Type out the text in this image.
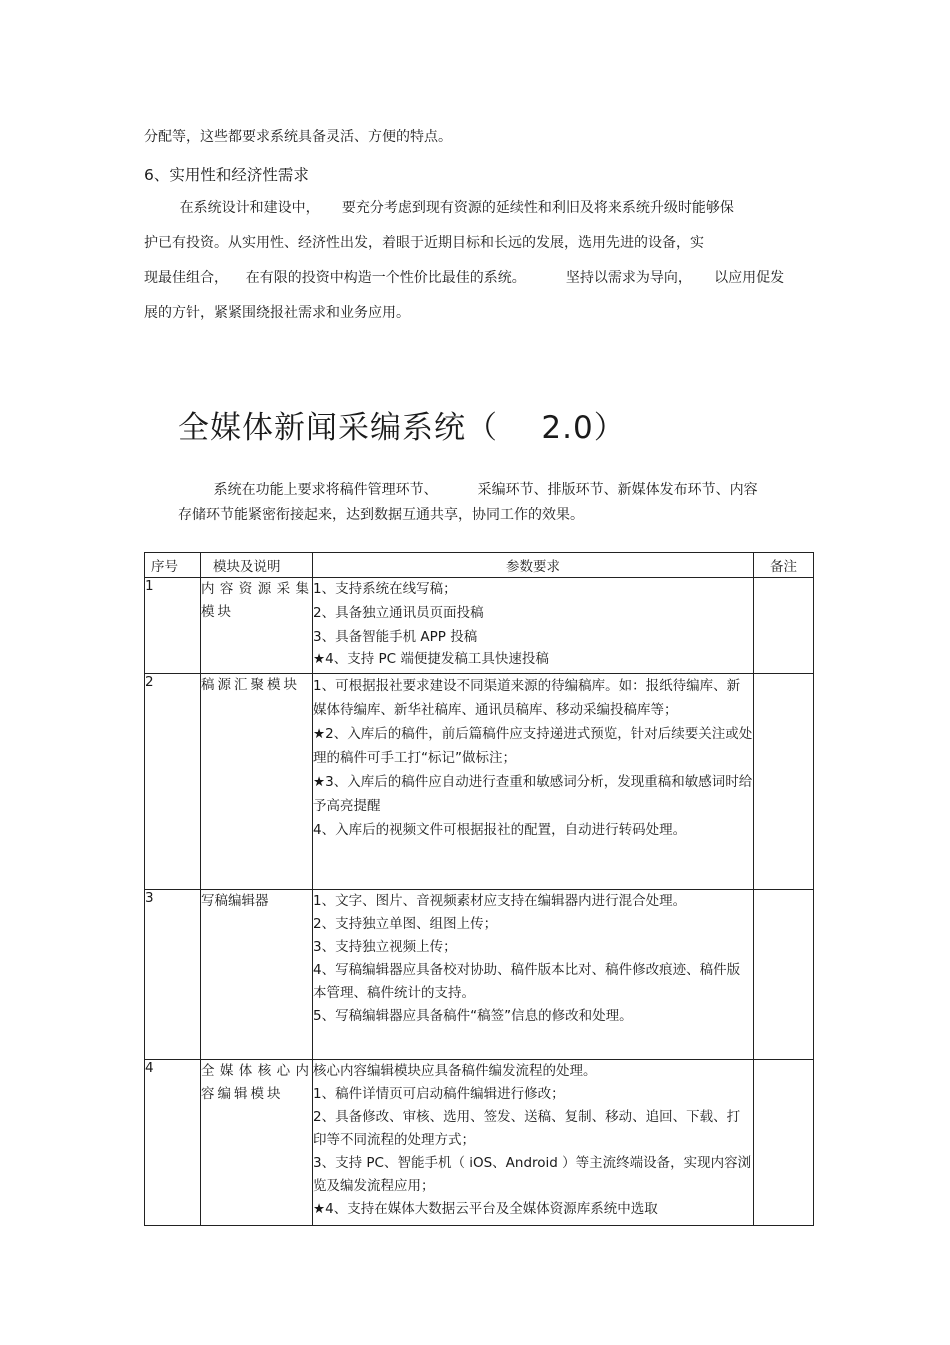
分配等，这些都要求系统具备灵活、方便的特点。

6、实用性和经济性需求

在系统设计和建设中，     要充分考虑到现有资源的延续性和利旧及将来系统升级时能够保

护已有投资。从实用性、经济性出发，着眼于近期目标和长远的发展，选用先进的设备，实

现最佳组合，    在有限的投资中构造一个性价比最佳的系统。         坚持以需求为导向，     以应用促发

展的方针，紧紧围绕报社需求和业务应用。

全媒体新闻采编系统（    2.0）

系统在功能上要求将稿件管理环节、         采编环节、排版环节、新媒体发布环节、内容

存储环节能紧密衔接起来，达到数据互通共享，协同工作的效果。

序号	模块及说明	参数要求	备注
1	内容资源采集模块	1、支持系统在线写稿；
2、具备独立通讯员页面投稿
3、具备智能手机 APP 投稿
★4、支持 PC 端便捷发稿工具快速投稿	

2	稿源汇聚模块	1、可根据报社要求建设不同渠道来源的待编稿库。如：报纸待编库、新媒体待编库、新华社稿库、通讯员稿库、移动采编投稿库等；
★2、入库后的稿件，前后篇稿件应支持递进式预览，针对后续要关注或处理的稿件可手工打“标记”做标注；
★3、入库后的稿件应自动进行查重和敏感词分析，发现重稿和敏感词时给予高亮提醒
4、入库后的视频文件可根据报社的配置，自动进行转码处理。	

3	写稿编辑器	1、文字、图片、音视频素材应支持在编辑器内进行混合处理。
2、支持独立单图、组图上传；
3、支持独立视频上传；
4、写稿编辑器应具备校对协助、稿件版本比对、稿件修改痕迹、稿件版本管理、稿件统计的支持。
5、写稿编辑器应具备稿件“稿签”信息的修改和处理。	

4	全媒体核心内容编辑模块	核心内容编辑模块应具备稿件编发流程的处理。
1、稿件详情页可启动稿件编辑进行修改；
2、具备修改、审核、选用、签发、送稿、复制、移动、追回、下载、打印等不同流程的处理方式；
3、支持 PC、智能手机（ iOS、Android ）等主流终端设备，实现内容浏览及编发流程应用；
★4、支持在媒体大数据云平台及全媒体资源库系统中选取	
